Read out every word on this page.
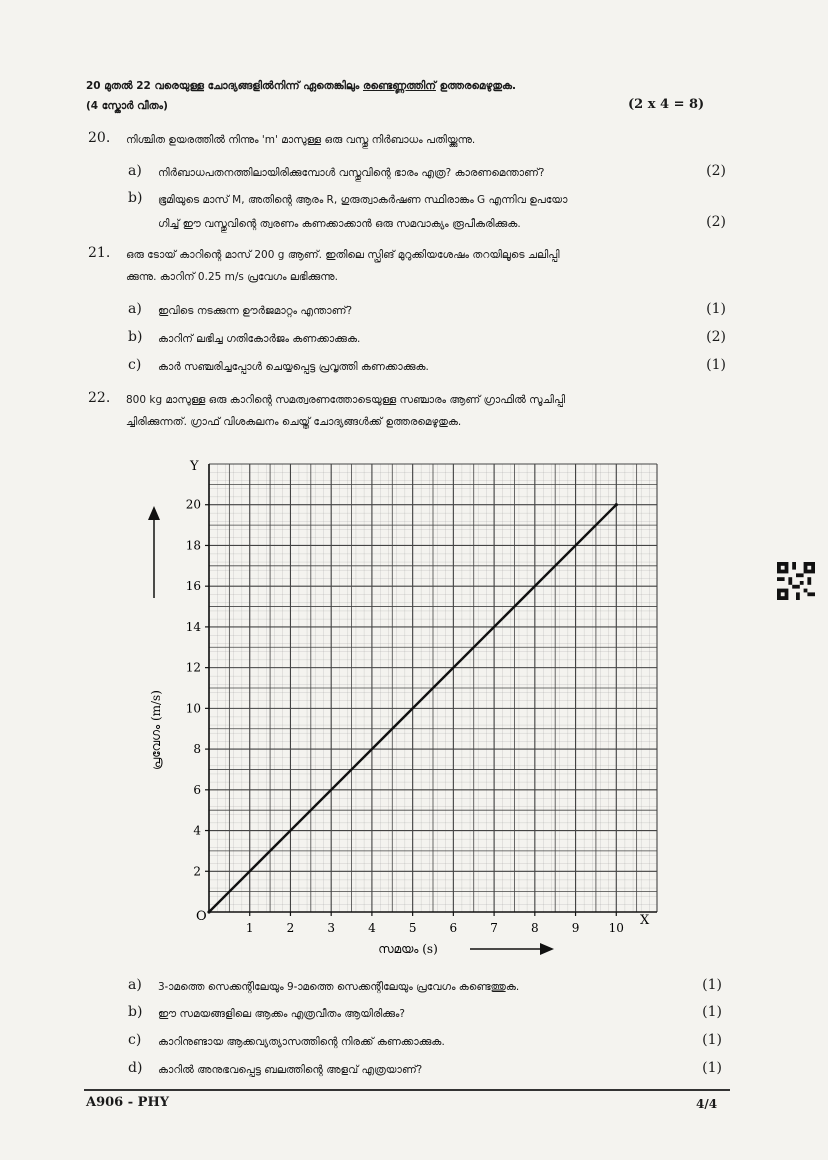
20 മുതൽ 22 വരെയുള്ള ചോദ്യങ്ങളിൽനിന്ന് ഏതെങ്കിലും രണ്ടെണ്ണത്തിന് ഉത്തരമെഴുതുക.
(4 സ്കോർ വീതം)	(2 x 4 = 8)
20. നിശ്ചിത ഉയരത്തിൽ നിന്നും 'm' മാസുള്ള ഒരു വസ്തു നിർബാധം പതിയ്ക്കുന്നു.
a) നിർബാധപതനത്തിലായിരിക്കുമ്പോൾ വസ്തുവിന്റെ ഭാരം എത്ര? കാരണമെന്താണ്?	(2)
b) ഭൂമിയുടെ മാസ് M, അതിന്റെ ആരം R, ഗുരുത്വാകർഷണ സ്ഥിരാങ്കം G എന്നിവ ഉപയോ
ഗിച്ച് ഈ വസ്തുവിന്റെ ത്വരണം കണക്കാക്കാൻ ഒരു സമവാക്യം രൂപീകരിക്കുക.	(2)
21. ഒരു ടോയ് കാറിന്റെ മാസ് 200 g ആണ്. ഇതിലെ സ്പ്രിങ് മുറുക്കിയശേഷം തറയിലൂടെ ചലിപ്പി
ക്കുന്നു. കാറിന് 0.25 m/s പ്രവേഗം ലഭിക്കുന്നു.
a) ഇവിടെ നടക്കുന്ന ഊർജമാറ്റം എന്താണ്?	(1)
b) കാറിന് ലഭിച്ച ഗതികോർജം കണക്കാക്കുക.	(2)
c) കാർ സഞ്ചരിച്ചപ്പോൾ ചെയ്യപ്പെട്ട പ്രവൃത്തി കണക്കാക്കുക.	(1)
22. 800 kg മാസുള്ള ഒരു കാറിന്റെ സമത്വരണത്തോടെയുള്ള സഞ്ചാരം ആണ് ഗ്രാഫിൽ സൂചിപ്പി
ച്ചിരിക്കുന്നത്. ഗ്രാഫ് വിശകലനം ചെയ്ത് ചോദ്യങ്ങൾക്ക് ഉത്തരമെഴുതുക.
1	2	3	4	5	6	7	8	9 10
2
4
6
8
10
12
14
16
18
20
Y
X
O
പ്രവേഗം (m/s)
സമയം (s)
a) 3-ാമത്തെ സെക്കന്റിലേയും 9-ാമത്തെ സെക്കന്റിലേയും പ്രവേഗം കണ്ടെത്തുക.	(1)
b) ഈ സമയങ്ങളിലെ ആക്കം എത്രവീതം ആയിരിക്കും?	(1)
c) കാറിനുണ്ടായ ആക്കവ്യത്യാസത്തിന്റെ നിരക്ക് കണക്കാക്കുക.	(1)
d) കാറിൽ അനുഭവപ്പെട്ട ബലത്തിന്റെ അളവ് എത്രയാണ്?	(1)
A906 - PHY	4/4
